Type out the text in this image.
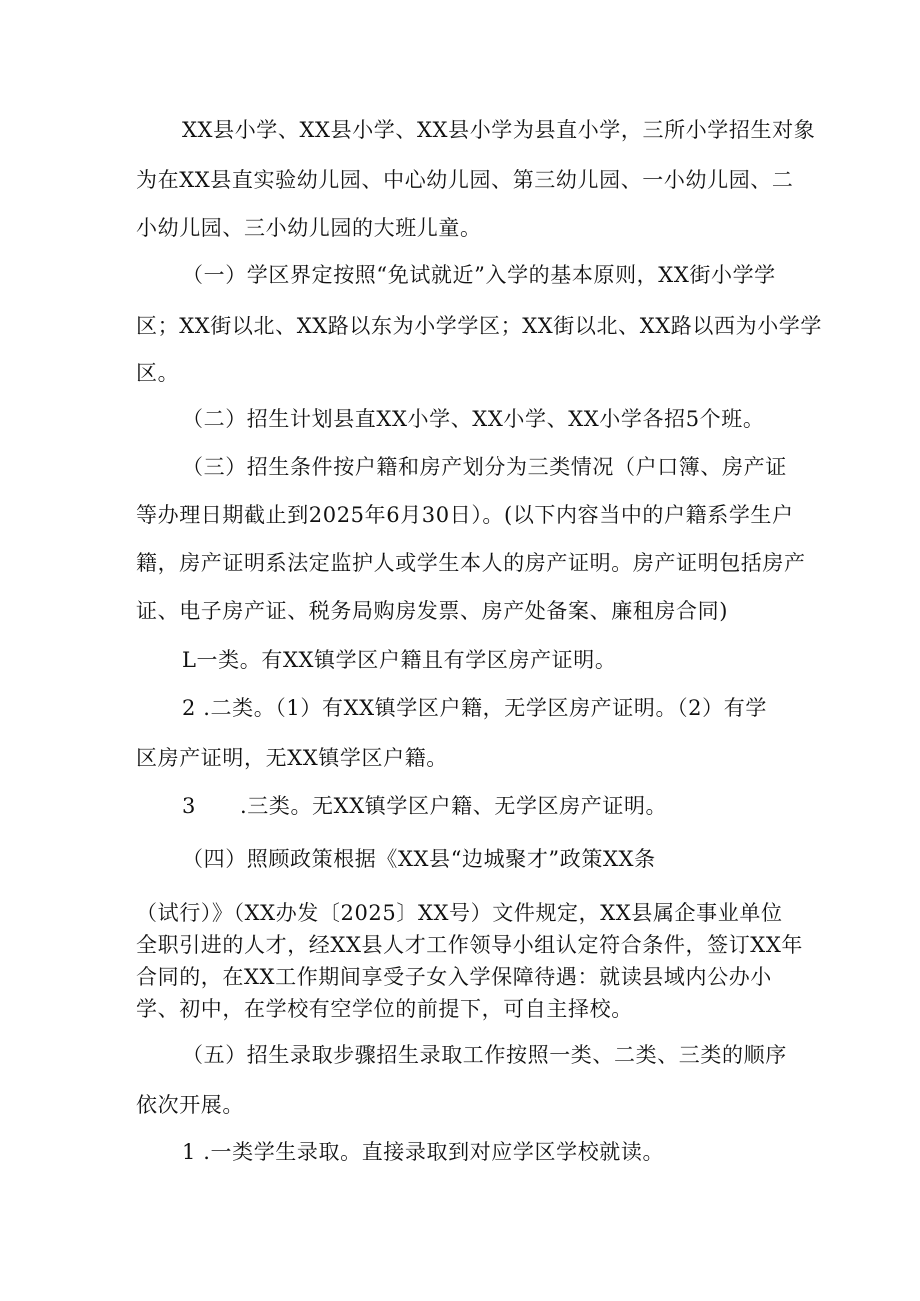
XX县小学、XX县小学、XX县小学为县直小学，三所小学招生对象
为在XX县直实验幼儿园、中心幼儿园、第三幼儿园、一小幼儿园、二
小幼儿园、三小幼儿园的大班儿童。
（一）学区界定按照“免试就近”入学的基本原则，XX街小学学
区；XX街以北、XX路以东为小学学区；XX街以北、XX路以西为小学学
区。
（二）招生计划县直XX小学、XX小学、XX小学各招5个班。
（三）招生条件按户籍和房产划分为三类情况（户口簿、房产证
等办理日期截止到2025年6月30日）。(以下内容当中的户籍系学生户
籍，房产证明系法定监护人或学生本人的房产证明。房产证明包括房产
证、电子房产证、税务局购房发票、房产处备案、廉租房合同)
L一类。有XX镇学区户籍且有学区房产证明。
2 .二类。（1）有XX镇学区户籍，无学区房产证明。（2）有学
区房产证明，无XX镇学区户籍。
3 .三类。无XX镇学区户籍、无学区房产证明。
（四）照顾政策根据《XX县“边城聚才”政策XX条
（试行）》（XX办发〔2025〕XX号）文件规定，XX县属企事业单位
全职引进的人才，经XX县人才工作领导小组认定符合条件，签订XX年
合同的，在XX工作期间享受子女入学保障待遇：就读县域内公办小
学、初中，在学校有空学位的前提下，可自主择校。
（五）招生录取步骤招生录取工作按照一类、二类、三类的顺序
依次开展。
1 .一类学生录取。直接录取到对应学区学校就读。
